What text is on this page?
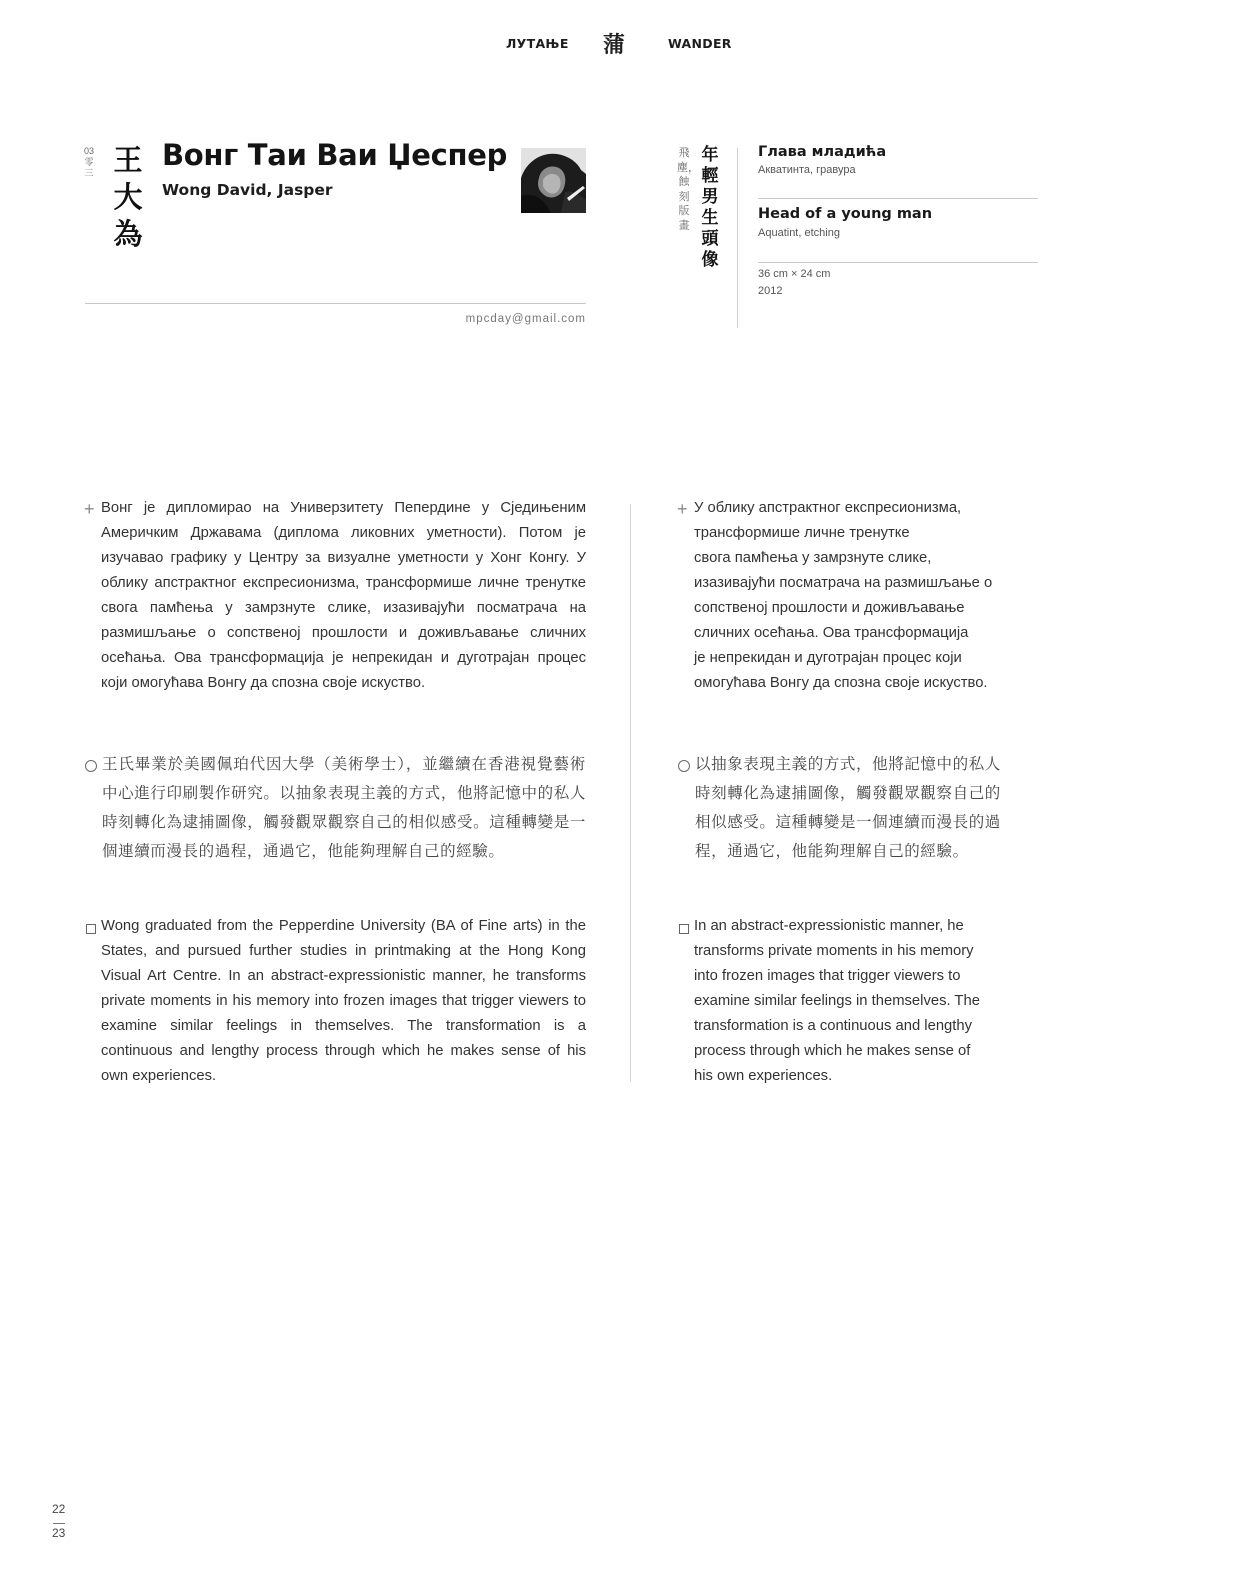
ЛУТАЊЕ 蒲	WANDER
03
零三 王大為
Вонг Таи Ваи Џеспер
Wong David, Jasper
mpcday@gmail.com
飛塵，蝕刻版畫
年輕男生頭像
Глава младића
Акватинта, гравура
Head of a young man
Aquatint, etching
36 cm × 24 cm
2012
+ Вонг је дипломирао на Универзитету Пепердине у Сједињеним Америчким Државама (диплома ликовних уметности). Потом је изучавао графику у Центру за визуалне уметности у Хонг Конгу. У облику апстрактног експресионизма, трансформише личне тренутке свога памћења у замрзнуте слике, изазивајући посматрача на размишљање о сопственој прошлости и доживљавање сличних осећања. Ова трансформација је непрекидан и дуготрајан процес који омогућава Вонгу да спозна своје искуство.
王氏畢業於美國佩珀代因大學（美術學士），並繼續在香港視覺藝術中心進行印刷製作研究。以抽象表現主義的方式，他將記憶中的私人時刻轉化為逮捕圖像，觸發觀眾觀察自己的相似感受。這種轉變是一個連續而漫長的過程，通過它，他能夠理解自己的經驗。
Wong graduated from the Pepperdine University (BA of Fine arts) in the States, and pursued further studies in printmaking at the Hong Kong Visual Art Centre. In an abstract-expressionistic manner, he transforms private moments in his memory into frozen images that trigger viewers to examine similar feelings in themselves. The transformation is a continuous and lengthy process through which he makes sense of his own experiences.
+ У облику апстрактног експресионизма,
трансформише личне тренутке
свога памћења у замрзнуте слике,
изазивајући посматрача на размишљање о
сопственој прошлости и доживљавање
сличних осећања. Ова трансформација
је непрекидан и дуготрајан процес који
омогућава Вонгу да спозна своје искуство.
以抽象表現主義的方式，他將記憶中的私人
時刻轉化為逮捕圖像，觸發觀眾觀察自己的
相似感受。這種轉變是一個連續而漫長的過
程，通過它，他能夠理解自己的經驗。
In an abstract-expressionistic manner, he
transforms private moments in his memory
into frozen images that trigger viewers to
examine similar feelings in themselves. The
transformation is a continuous and lengthy
process through which he makes sense of
his own experiences.
22
23
